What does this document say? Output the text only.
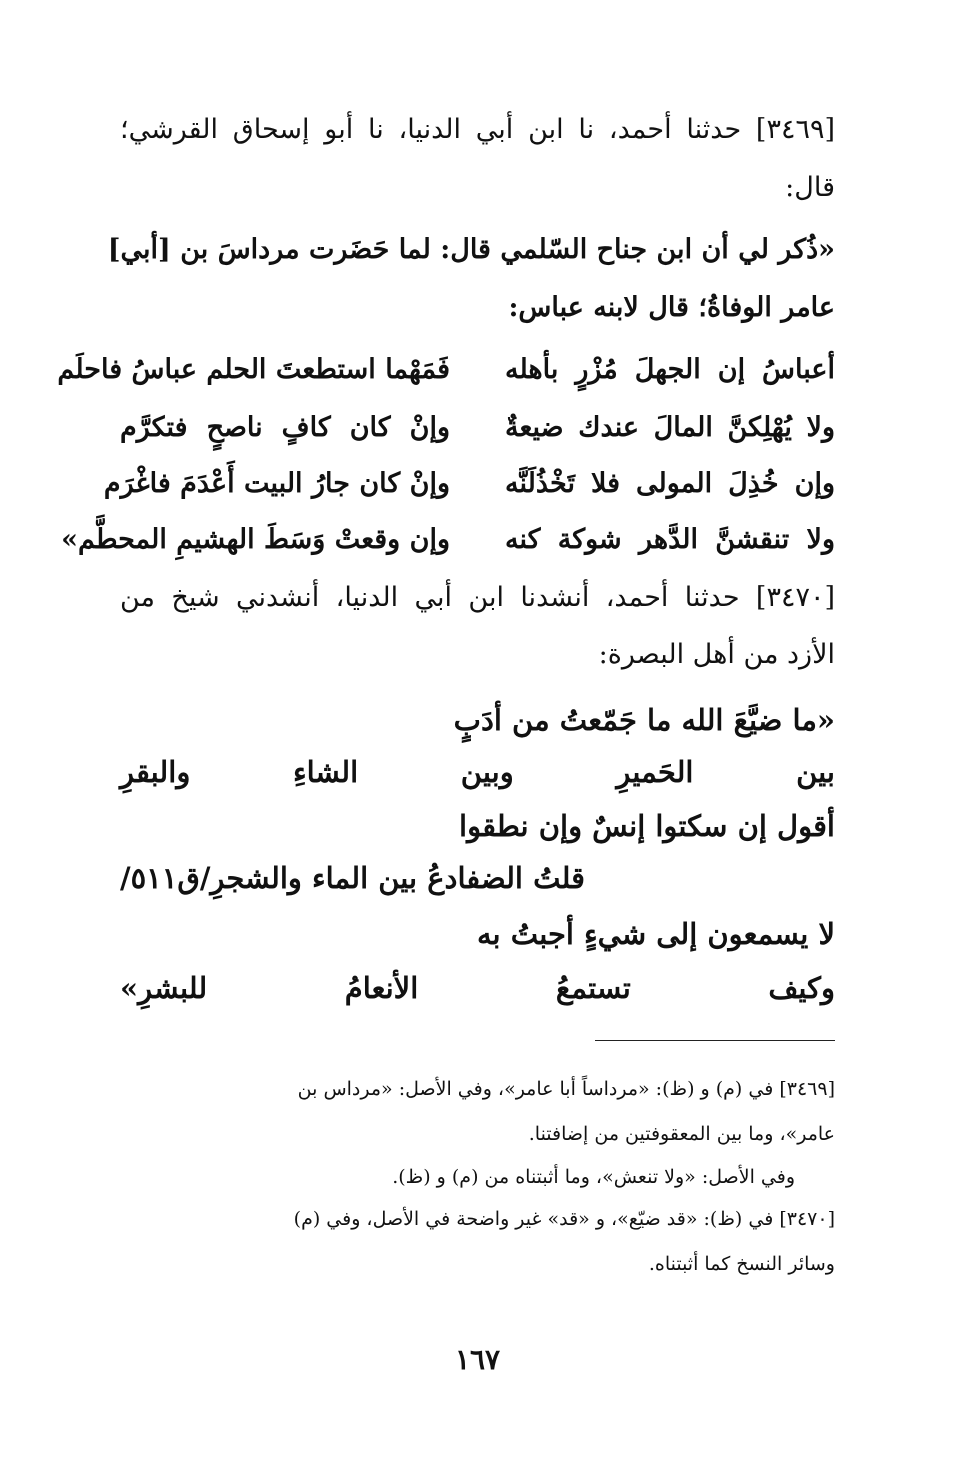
[٣٤٦٩] حدثنا أحمد، نا ابن أبي الدنيا، نا أبو إسحاق القرشي؛
قال:
«ذُكر لي أن ابن جناح السّلمي قال: لما حَضَرت مرداسَ بن [أبي]
عامر الوفاةُ؛ قال لابنه عباس:
أعباسُ إن الجهلَ مُزْرٍ بأهله
فَمَهْما استطعتَ الحلم عباسُ فاحلَم
ولا يُهْلِكنَّ المالَ عندك ضيعةٌ
وإنْ كان كافٍ ناصحٍ فتكرَّم
وإن خُذِلَ المولى فلا تَخْذُلَنَّه
وإنْ كان جارُ البيت أَعْدَمَ فاغْرَم
ولا تنقشنَّ الدَّهر شوكة كنه
وإن وقعتْ وَسَطَ الهشيمِ المحطَّم»
[٣٤٧٠] حدثنا أحمد، أنشدنا ابن أبي الدنيا، أنشدني شيخ من
الأزد من أهل البصرة:
«ما ضيَّعَ الله ما جَمّعتُ من أدَبٍ
بين الحَميرِ وبين الشاءِ والبقرِ
أقول إن سكتوا إنسٌ وإن نطقوا
قلتُ الضفادعُ بين الماء والشجرِ/ق٥١١/
لا يسمعون إلى شيءٍ أجبتُ به
وكيف تستمعُ الأنعامُ للبشرِ»
[٣٤٦٩] في (م) و (ظ): «مرداساً أبا عامر»، وفي الأصل: «مرداس بن
عامر»، وما بين المعقوفتين من إضافتنا.
وفي الأصل: «ولا تنعش»، وما أثبتناه من (م) و (ظ).
[٣٤٧٠] في (ظ): «قد ضيّع»، و «قد» غير واضحة في الأصل، وفي (م)
وسائر النسخ كما أثبتناه.
١٦٧
